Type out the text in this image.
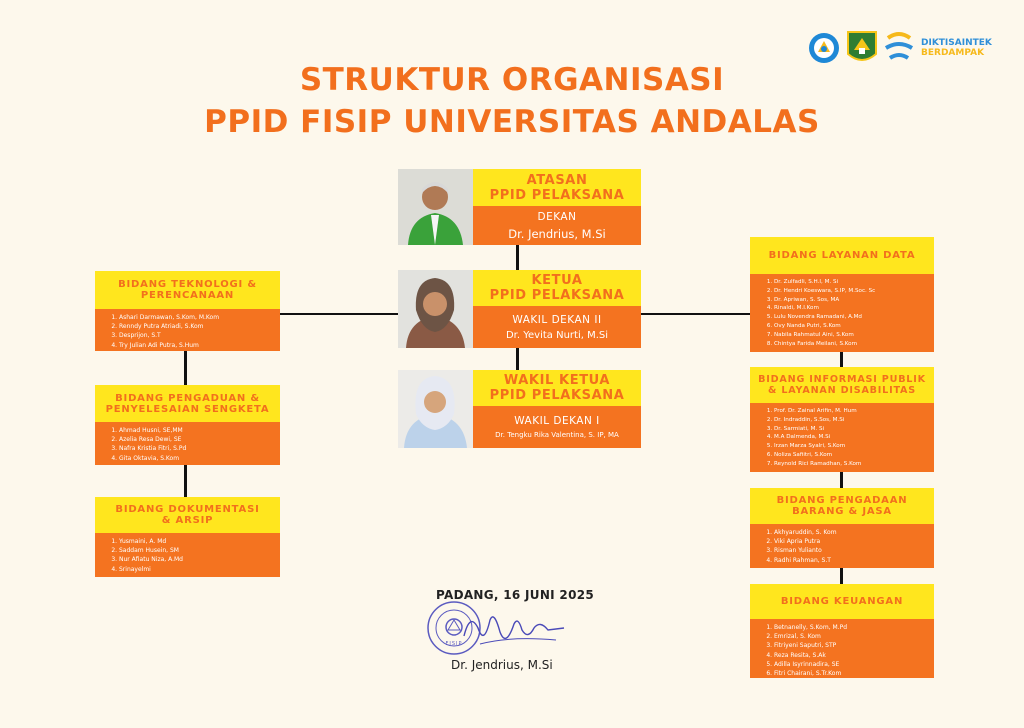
DIKTISAINTEK
BERDAMPAK
STRUKTUR ORGANISASI
PPID FISIP UNIVERSITAS ANDALAS
ATASAN
PPID PELAKSANA
DEKAN
Dr. Jendrius, M.Si
KETUA
PPID PELAKSANA
WAKIL DEKAN II
Dr. Yevita Nurti, M.Si
WAKIL KETUA
PPID PELAKSANA
WAKIL DEKAN I
Dr. Tengku Rika Valentina, S. IP, MA
BIDANG TEKNOLOGI &
PERENCANAAN
1. Ashari Darmawan, S.Kom, M.Kom
2. Renndy Putra Atriadi, S.Kom
3. Desprijon, S.T
4. Try Julian Adi Putra, S.Hum
BIDANG PENGADUAN &
PENYELESAIAN SENGKETA
1. Ahmad Husni, SE,MM
2. Azelia Resa Dewi, SE
3. Nafra Kristia Fitri, S.Pd
4. Gita Oktavia, S.Kom
BIDANG DOKUMENTASI
& ARSIP
1. Yusmaini, A. Md
2. Saddam Husein, SM
3. Nur Afiatu Niza, A.Md
4. Srinayelmi
BIDANG LAYANAN DATA
1. Dr. Zulfadli, S.H.I, M. Si
2. Dr. Hendri Koeswara, S.IP, M.Soc. Sc
3. Dr. Apriwan, S. Sos, MA
4. Rinaldi, M.I.Kom
5. Lulu Novendra Ramadani, A.Md
6. Ovy Nanda Putri, S.Kom
7. Nabila Rahmatul Aini, S.Kom
8. Chintya Farida Meilani, S.Kom
BIDANG INFORMASI PUBLIK
& LAYANAN DISABILITAS
1. Prof. Dr. Zainal Arifin, M. Hum
2. Dr. Indraddin, S.Sos, M.Si
3. Dr. Sarmiati, M. Si
4. M.A Dalmenda, M.Si
5. Irzan Marza Syalri, S.Kom
6. Noliza Safiitri, S.Kom
7. Reynold Rici Ramadhan, S.Kom
BIDANG PENGADAAN
BARANG & JASA
1. Akhyaruddin, S. Kom
2. Viki Apria Putra
3. Risman Yulianto
4. Radhi Rahman, S.T
BIDANG KEUANGAN
1. Betnanelly, S.Kom, M.Pd
2. Emrizal, S. Kom
3. Fitriyeni Saputri, STP
4. Reza Resita, S.Ak
5. Adilla Isyrinnadira, SE
6. Fitri Chairani, S.Tr.Kom
PADANG, 16 JUNI 2025
FISIP
Dr. Jendrius, M.Si
